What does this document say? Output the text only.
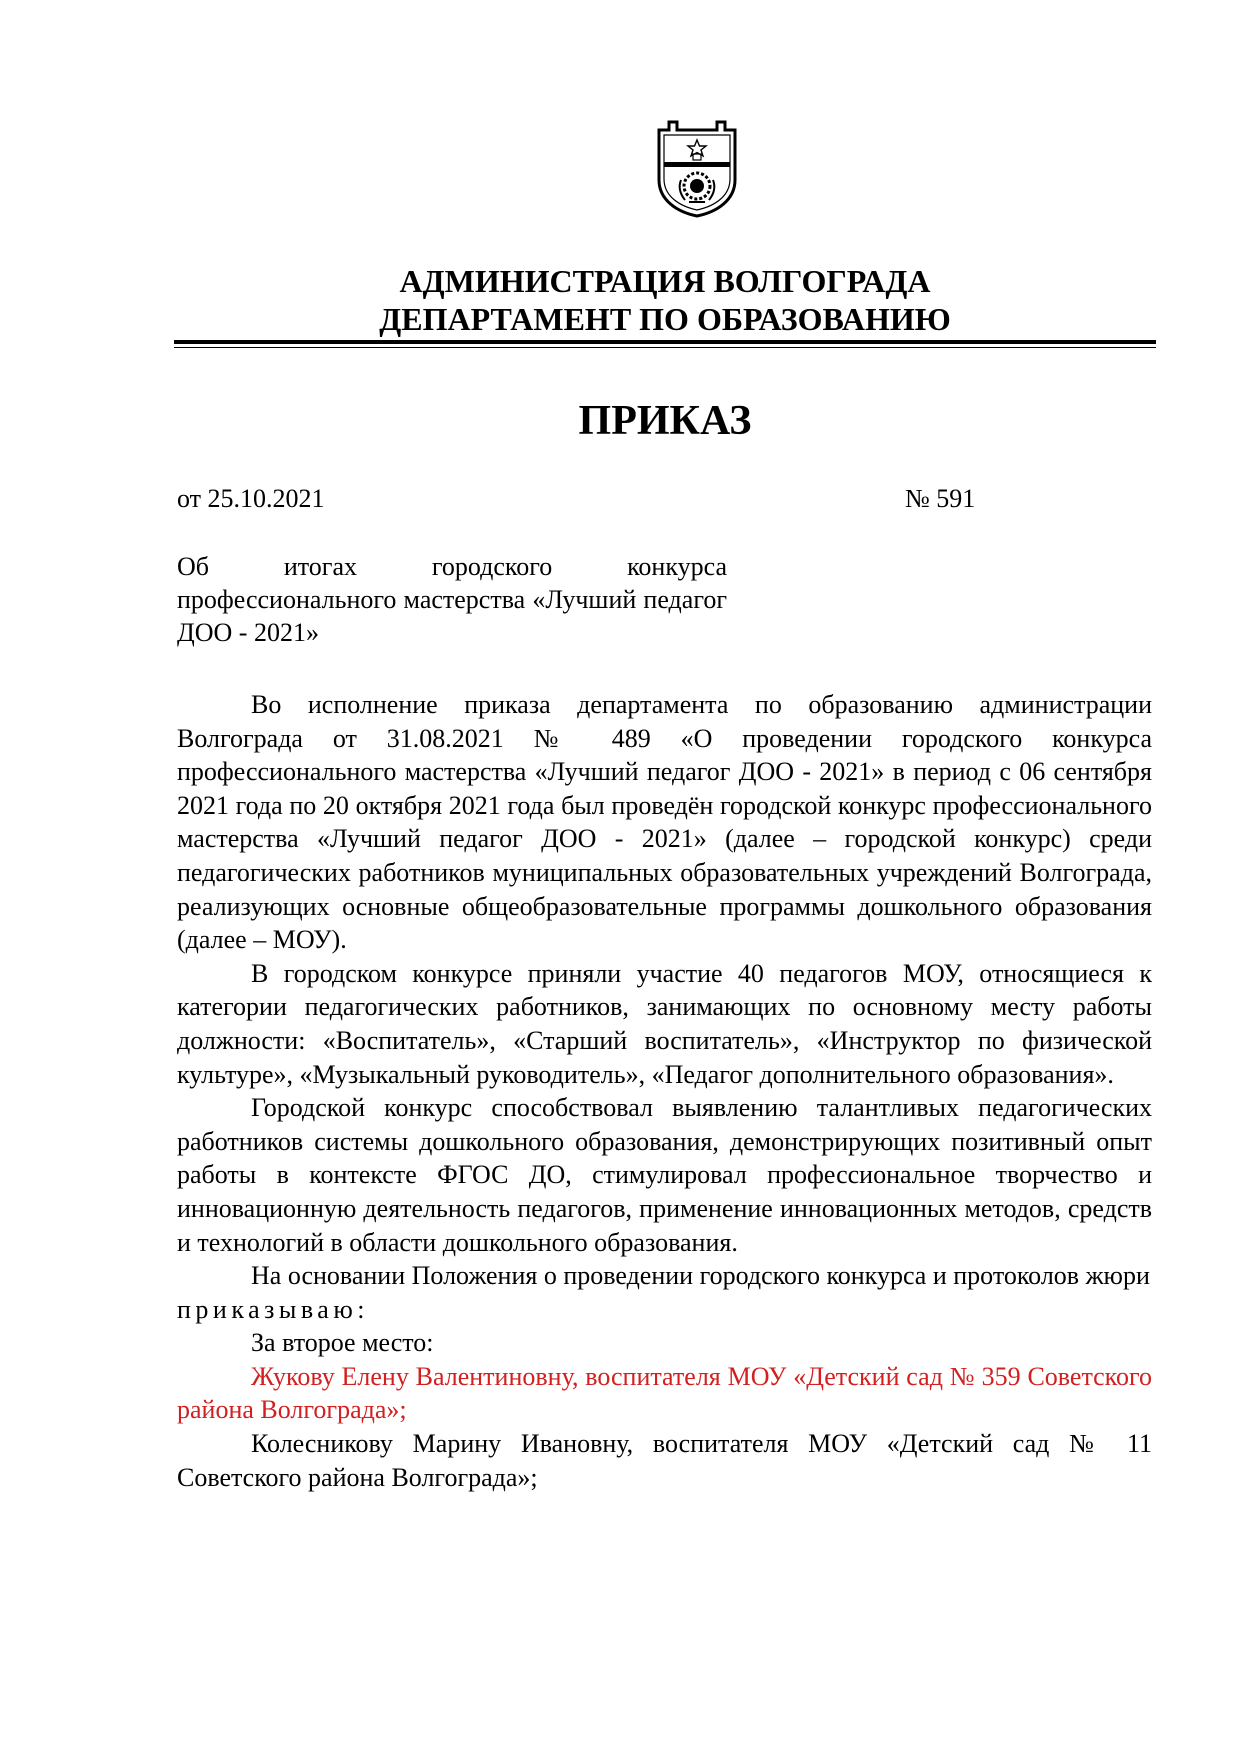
АДМИНИСТРАЦИЯ ВОЛГОГРАДА
ДЕПАРТАМЕНТ ПО ОБРАЗОВАНИЮ
ПРИКАЗ
от 25.10.2021	№ 591
Об итогах городского конкурса профессионального мастерства «Лучший педагог ДОО - 2021»

Во исполнение приказа департамента по образованию администрации Волгограда от 31.08.2021 № 489 «О проведении городского конкурса профессионального мастерства «Лучший педагог ДОО - 2021» в период с 06 сентября 2021 года по 20 октября 2021 года был проведён городской конкурс профессионального мастерства «Лучший педагог ДОО - 2021» (далее – городской конкурс) среди педагогических работников муниципальных образовательных учреждений Волгограда, реализующих основные общеобразовательные программы дошкольного образования (далее – МОУ).

В городском конкурсе приняли участие 40 педагогов МОУ, относящиеся к категории педагогических работников, занимающих по основному месту работы должности: «Воспитатель», «Старший воспитатель», «Инструктор по физической культуре», «Музыкальный руководитель», «Педагог дополнительного образования».

Городской конкурс способствовал выявлению талантливых педагогических работников системы дошкольного образования, демонстрирующих позитивный опыт работы в контексте ФГОС ДО, стимулировал профессиональное творчество и инновационную деятельность педагогов, применение инновационных методов, средств и технологий в области дошкольного образования.

На основании Положения о проведении городского конкурса и протоколов жюри

приказываю:

За второе место:

Жукову Елену Валентиновну, воспитателя МОУ «Детский сад № 359 Советского района Волгограда»;

Колесникову Марину Ивановну, воспитателя МОУ «Детский сад № 11 Советского района Волгограда»;
